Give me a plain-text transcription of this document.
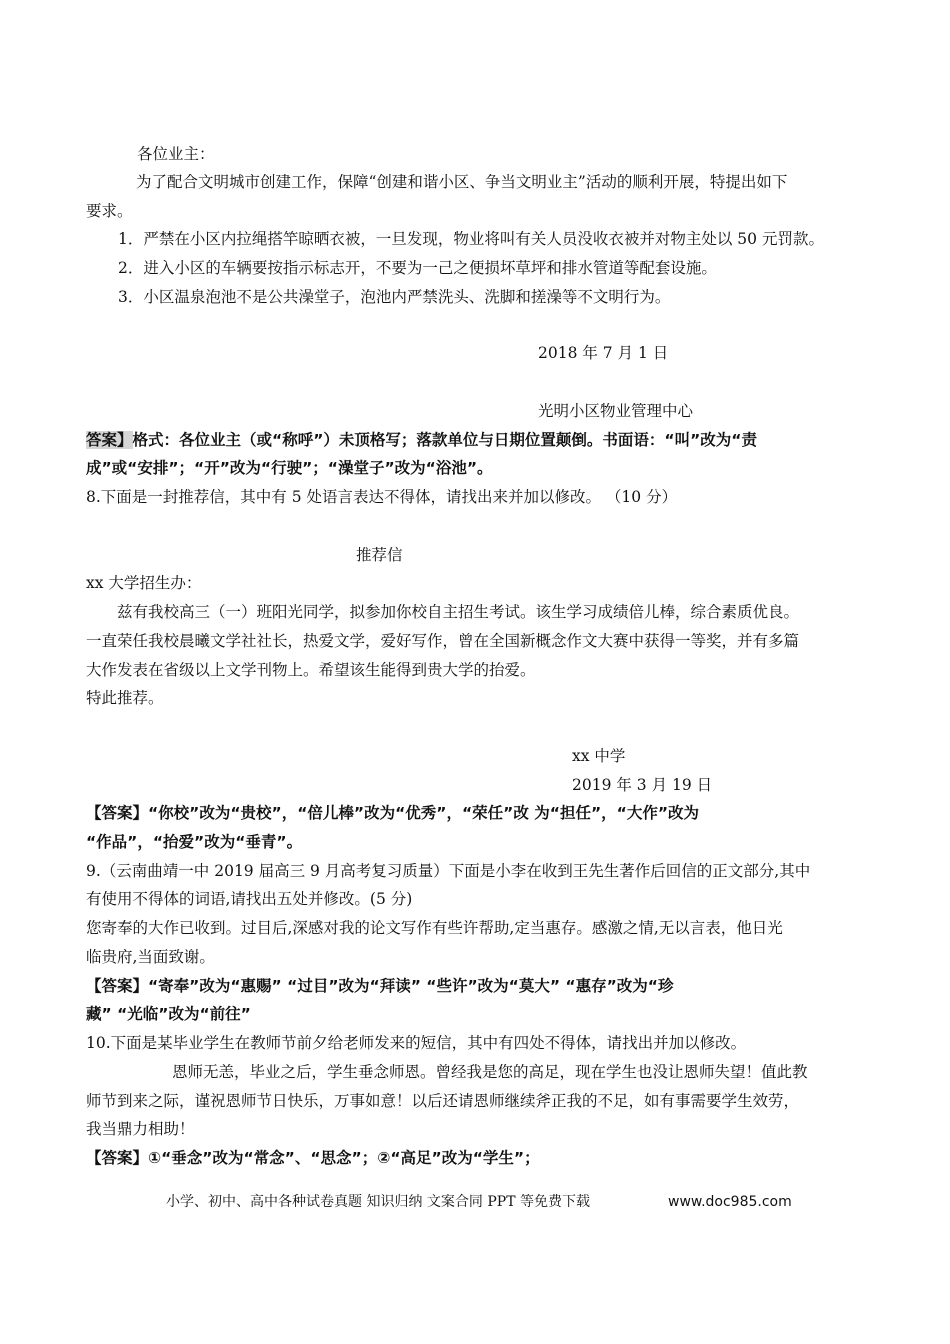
各位业主：

为了配合文明城市创建工作，保障“创建和谐小区、争当文明业主”活动的顺利开展，特提出如下

要求。

1．严禁在小区内拉绳搭竿晾晒衣被，一旦发现，物业将叫有关人员没收衣被并对物主处以 50 元罚款。

2．进入小区的车辆要按指示标志开，不要为一己之便损坏草坪和排水管道等配套设施。

3．小区温泉泡池不是公共澡堂子，泡池内严禁洗头、洗脚和搓澡等不文明行为。

2018 年 7 月 1 日

光明小区物业管理中心

答案】格式：各位业主（或“称呼”）未顶格写；落款单位与日期位置颠倒。书面语：“叫”改为“责

成”或“安排”；“开”改为“行驶”；“澡堂子”改为“浴池”。

8.下面是一封推荐信，其中有 5 处语言表达不得体，请找出来并加以修改。 （10 分）

推荐信

xx 大学招生办：

兹有我校高三（一）班阳光同学，拟参加你校自主招生考试。该生学习成绩倍儿棒，综合素质优良。

一直荣任我校晨曦文学社社长，热爱文学，爱好写作，曾在全国新概念作文大赛中获得一等奖，并有多篇

大作发表在省级以上文学刊物上。希望该生能得到贵大学的抬爱。

特此推荐。

xx 中学

2019 年 3 月 19 日

【答案】“你校”改为“贵校”，“倍儿棒”改为“优秀”，“荣任”改 为“担任”，“大作”改为

“作品”，“抬爱”改为“垂青”。

9.（云南曲靖一中 2019 届高三 9 月高考复习质量）下面是小李在收到王先生著作后回信的正文部分,其中

有使用不得体的词语,请找出五处并修改。(5 分)

您寄奉的大作已收到。过目后,深感对我的论文写作有些许帮助,定当惠存。感激之情,无以言表，他日光

临贵府,当面致谢。

【答案】“寄奉”改为“惠赐” “过目”改为“拜读” “些许”改为“莫大” “惠存”改为“珍

藏” “光临”改为“前往”

10.下面是某毕业学生在教师节前夕给老师发来的短信，其中有四处不得体，请找出并加以修改。

恩师无恙，毕业之后，学生垂念师恩。曾经我是您的高足，现在学生也没让恩师失望！值此教

师节到来之际，谨祝恩师节日快乐，万事如意！以后还请恩师继续斧正我的不足，如有事需要学生效劳，

我当鼎力相助！

【答案】①“垂念”改为“常念”、“思念”；②“高足”改为“学生”；

小学、初中、高中各种试卷真题 知识归纳 文案合同 PPT 等免费下载	www.doc985.com
